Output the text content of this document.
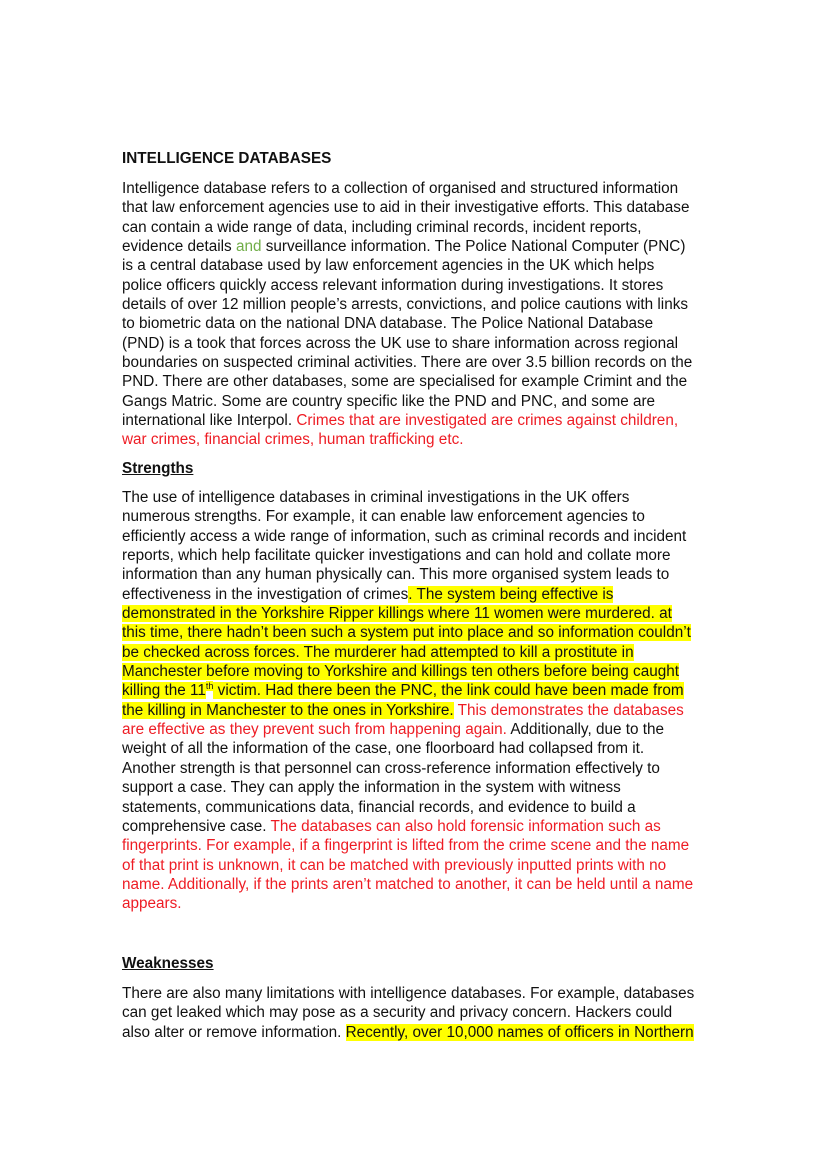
INTELLIGENCE DATABASES
Intelligence database refers to a collection of organised and structured information
that law enforcement agencies use to aid in their investigative efforts. This database
can contain a wide range of data, including criminal records, incident reports,
evidence details and surveillance information. The Police National Computer (PNC)
is a central database used by law enforcement agencies in the UK which helps
police officers quickly access relevant information during investigations. It stores
details of over 12 million people’s arrests, convictions, and police cautions with links
to biometric data on the national DNA database. The Police National Database
(PND) is a took that forces across the UK use to share information across regional
boundaries on suspected criminal activities. There are over 3.5 billion records on the
PND. There are other databases, some are specialised for example Crimint and the
Gangs Matric. Some are country specific like the PND and PNC, and some are
international like Interpol. Crimes that are investigated are crimes against children,
war crimes, financial crimes, human trafficking etc.
Strengths
The use of intelligence databases in criminal investigations in the UK offers
numerous strengths. For example, it can enable law enforcement agencies to
efficiently access a wide range of information, such as criminal records and incident
reports, which help facilitate quicker investigations and can hold and collate more
information than any human physically can. This more organised system leads to
effectiveness in the investigation of crimes. The system being effective is
demonstrated in the Yorkshire Ripper killings where 11 women were murdered. at
this time, there hadn’t been such a system put into place and so information couldn’t
be checked across forces. The murderer had attempted to kill a prostitute in
Manchester before moving to Yorkshire and killings ten others before being caught
killing the 11th victim. Had there been the PNC, the link could have been made from
the killing in Manchester to the ones in Yorkshire. This demonstrates the databases
are effective as they prevent such from happening again. Additionally, due to the
weight of all the information of the case, one floorboard had collapsed from it.
Another strength is that personnel can cross-reference information effectively to
support a case. They can apply the information in the system with witness
statements, communications data, financial records, and evidence to build a
comprehensive case. The databases can also hold forensic information such as
fingerprints. For example, if a fingerprint is lifted from the crime scene and the name
of that print is unknown, it can be matched with previously inputted prints with no
name. Additionally, if the prints aren’t matched to another, it can be held until a name
appears.
Weaknesses
There are also many limitations with intelligence databases. For example, databases
can get leaked which may pose as a security and privacy concern. Hackers could
also alter or remove information. Recently, over 10,000 names of officers in Northern
